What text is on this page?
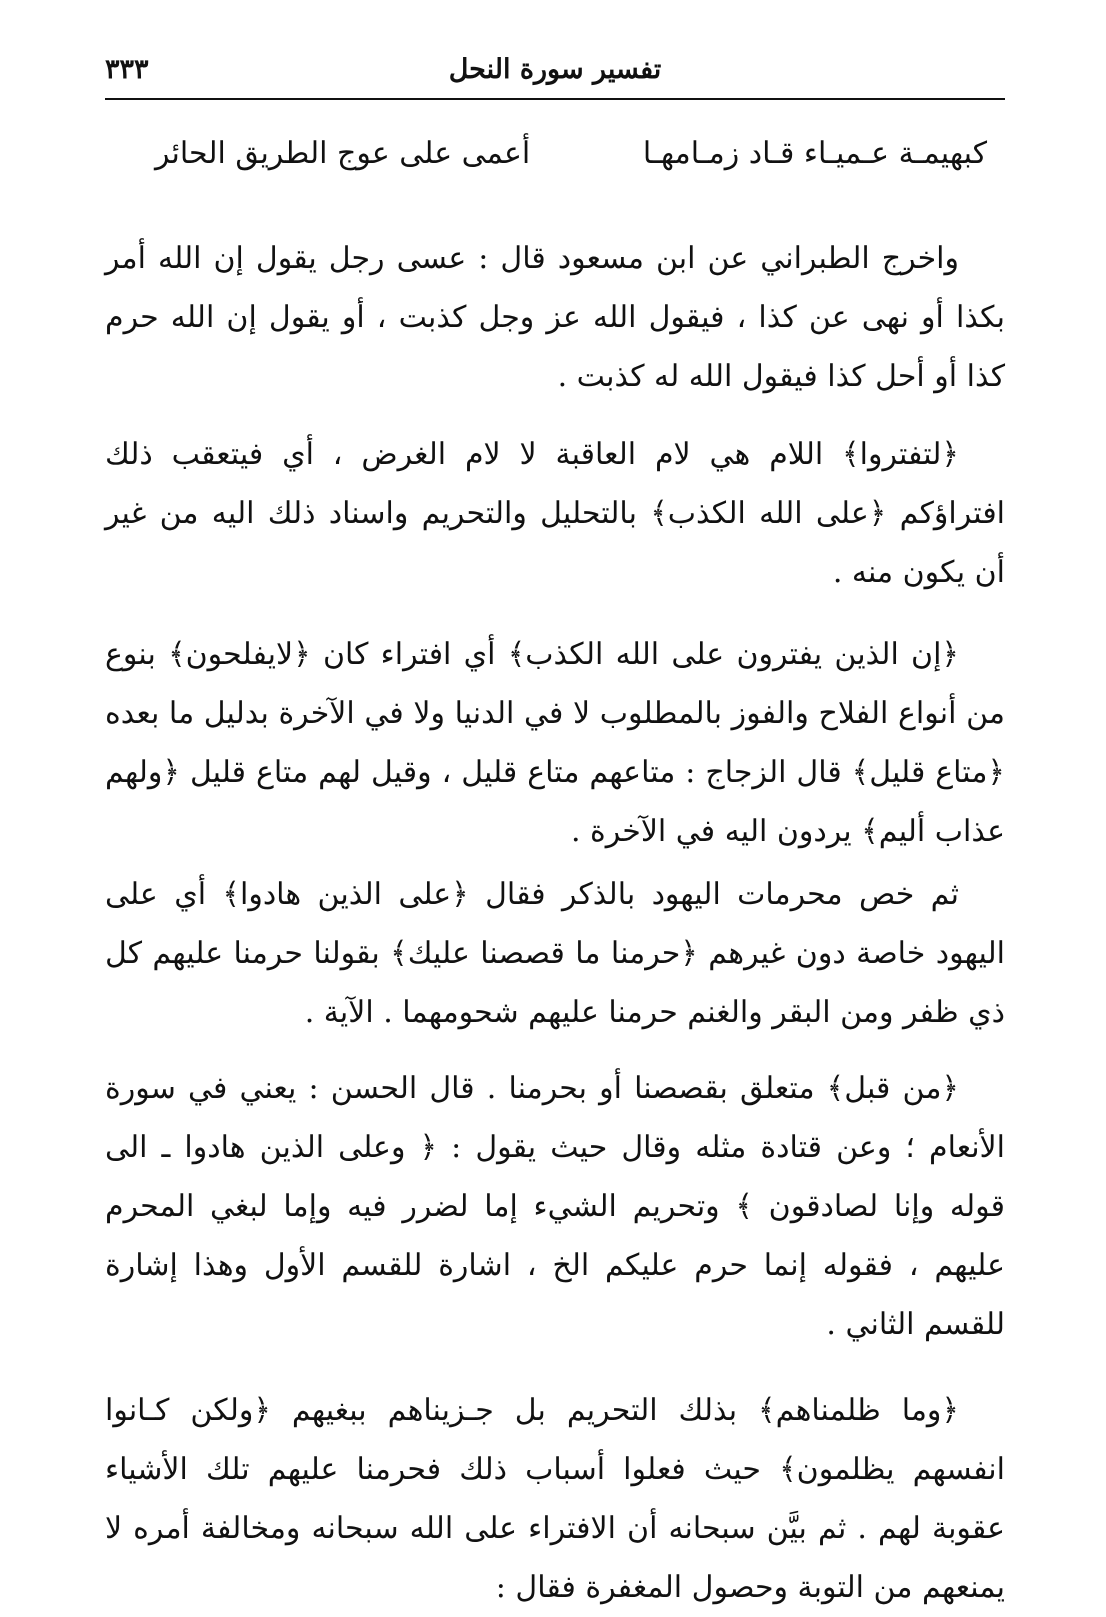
تفسير سورة النحل
٣٣٣
كبهيمـة عـميـاء قـاد زمـامهـا
أعمى على عوج الطريق الحائر

واخرج الطبراني عن ابن مسعود قال : عسى رجل يقول إن الله أمر بكذا أو نهى عن كذا ، فيقول الله عز وجل كذبت ، أو يقول إن الله حرم كذا أو أحل كذا فيقول الله له كذبت .

﴿لتفتروا﴾ اللام هي لام العاقبة لا لام الغرض ، أي فيتعقب ذلك افتراؤكم ﴿على الله الكذب﴾ بالتحليل والتحريم واسناد ذلك اليه من غير أن يكون منه .

﴿إن الذين يفترون على الله الكذب﴾ أي افتراء كان ﴿لايفلحون﴾ بنوع من أنواع الفلاح والفوز بالمطلوب لا في الدنيا ولا في الآخرة بدليل ما بعده ﴿متاع قليل﴾ قال الزجاج : متاعهم متاع قليل ، وقيل لهم متاع قليل ﴿ولهم عذاب أليم﴾ يردون اليه في الآخرة .

ثم خص محرمات اليهود بالذكر فقال ﴿على الذين هادوا﴾ أي على اليهود خاصة دون غيرهم ﴿حرمنا ما قصصنا عليك﴾ بقولنا حرمنا عليهم كل ذي ظفر ومن البقر والغنم حرمنا عليهم شحومهما . الآية .

﴿من قبل﴾ متعلق بقصصنا أو بحرمنا . قال الحسن : يعني في سورة الأنعام ؛ وعن قتادة مثله وقال حيث يقول : ﴿ وعلى الذين هادوا ـ الى قوله وإنا لصادقون ﴾ وتحريم الشيء إما لضرر فيه وإما لبغي المحرم عليهم ، فقوله إنما حرم عليكم الخ ، اشارة للقسم الأول وهذا إشارة للقسم الثاني .

﴿وما ظلمناهم﴾ بذلك التحريم بل جـزيناهم ببغيهم ﴿ولكن كـانوا انفسهم يظلمون﴾ حيث فعلوا أسباب ذلك فحرمنا عليهم تلك الأشياء عقوبة لهم . ثم بيَّن سبحانه أن الافتراء على الله سبحانه ومخالفة أمره لا يمنعهم من التوبة وحصول المغفرة فقال :
